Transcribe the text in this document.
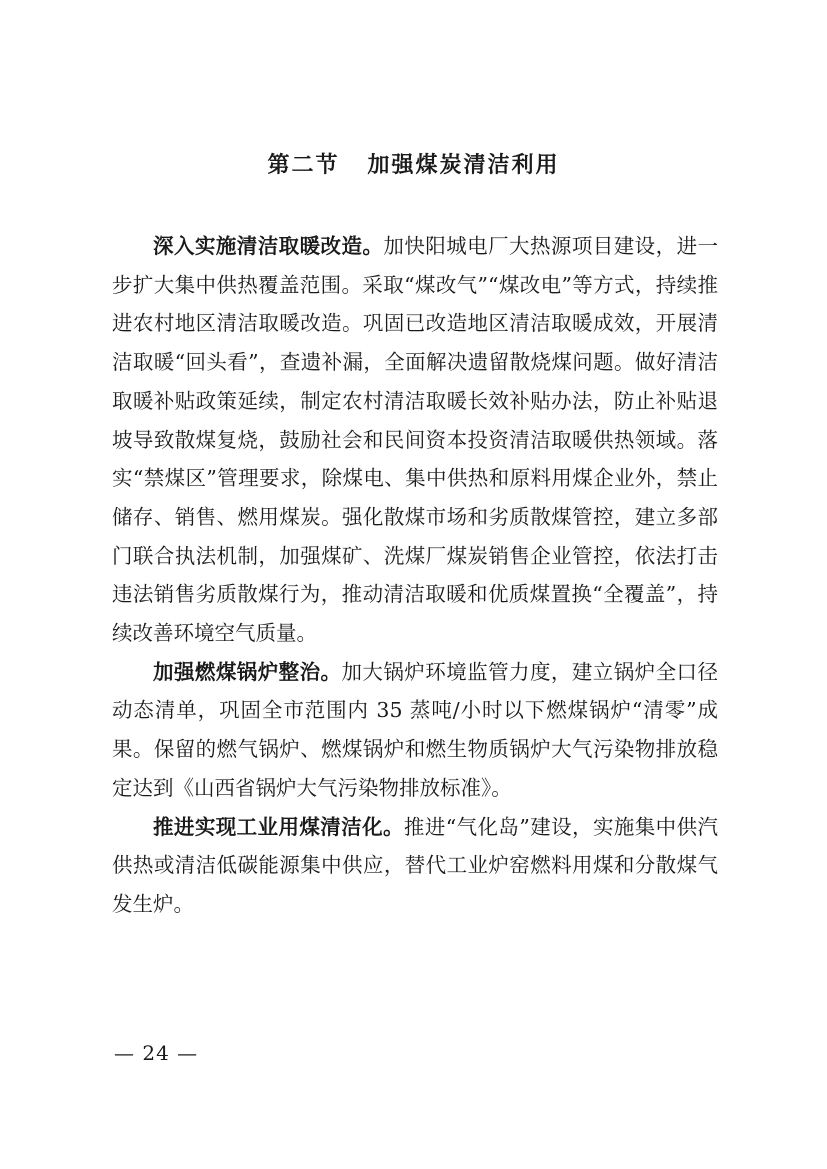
第二节 加强煤炭清洁利用

深入实施清洁取暖改造。加快阳城电厂大热源项目建设，进一步扩大集中供热覆盖范围。采取“煤改气”“煤改电”等方式，持续推进农村地区清洁取暖改造。巩固已改造地区清洁取暖成效，开展清洁取暖“回头看”，查遗补漏，全面解决遗留散烧煤问题。做好清洁取暖补贴政策延续，制定农村清洁取暖长效补贴办法，防止补贴退坡导致散煤复烧，鼓励社会和民间资本投资清洁取暖供热领域。落实“禁煤区”管理要求，除煤电、集中供热和原料用煤企业外，禁止储存、销售、燃用煤炭。强化散煤市场和劣质散煤管控，建立多部门联合执法机制，加强煤矿、洗煤厂煤炭销售企业管控，依法打击违法销售劣质散煤行为，推动清洁取暖和优质煤置换“全覆盖”，持续改善环境空气质量。

加强燃煤锅炉整治。加大锅炉环境监管力度，建立锅炉全口径动态清单，巩固全市范围内 35 蒸吨/小时以下燃煤锅炉“清零”成果。保留的燃气锅炉、燃煤锅炉和燃生物质锅炉大气污染物排放稳定达到《山西省锅炉大气污染物排放标准》。

推进实现工业用煤清洁化。推进“气化岛”建设，实施集中供汽供热或清洁低碳能源集中供应，替代工业炉窑燃料用煤和分散煤气发生炉。

— 24 —
